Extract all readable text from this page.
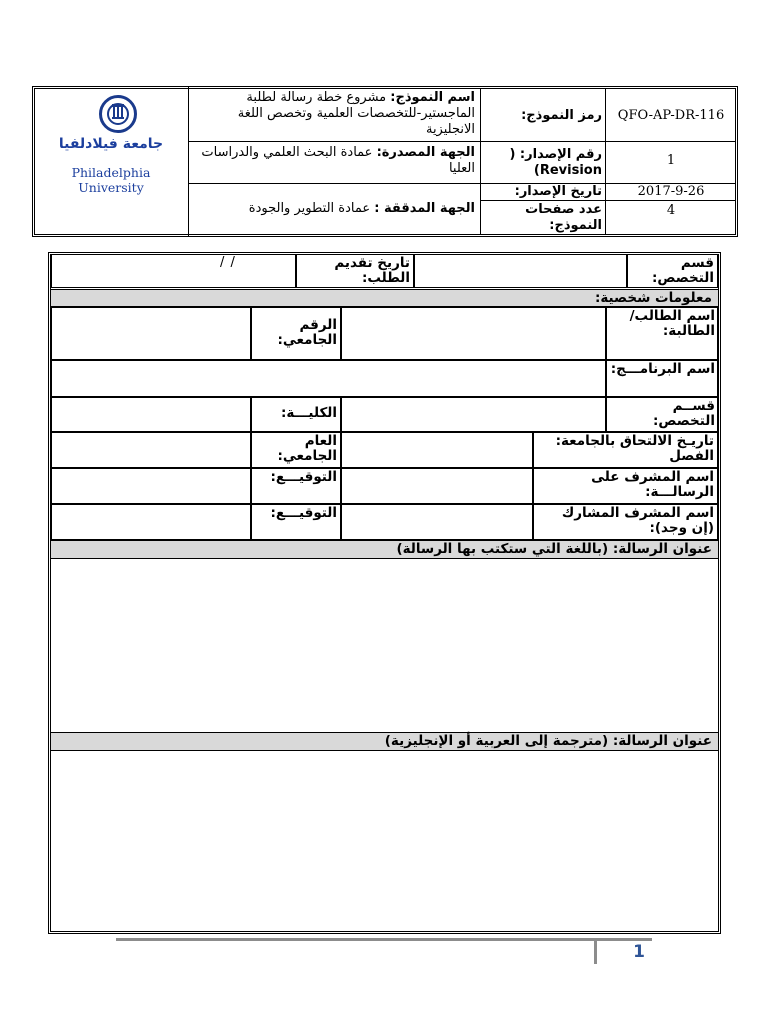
جامعة فيلادلفيا
Philadelphia University
اسم النموذج: مشروع خطة رسالة لطلبة الماجستير-للتخصصات العلمية وتخصص اللغة الانجليزية
رمز النموذج:	QFO-AP-DR-116
الجهة المصدرة: عمادة البحث العلمي والدراسات العليا
رقم الإصدار: ( Revision)
1
الجهة المدققة : عمادة التطوير والجودة
تاريخ الإصدار:	2017-9-26
عدد صفحات النموذج:
4
قسم التخصص:
تاريخ تقديم الطلب:
/ /
معلومات شخصية:
اسم الطالب/الطالبة:
الرقم الجامعي:
اسم البرنامـــج:
قســم التخصص:
الكليـــة:
تاريـخ الالتحاق بالجامعة: الفصل
العام الجامعي:
اسم المشرف على الرسالـــة:
التوقيـــع:
اسم المشرف المشارك (إن وجد):
التوقيـــع:
عنوان الرسالة: (باللغة التي ستكتب بها الرسالة)
عنوان الرسالة: (مترجمة إلى العربية أو الإنجليزية)
1
